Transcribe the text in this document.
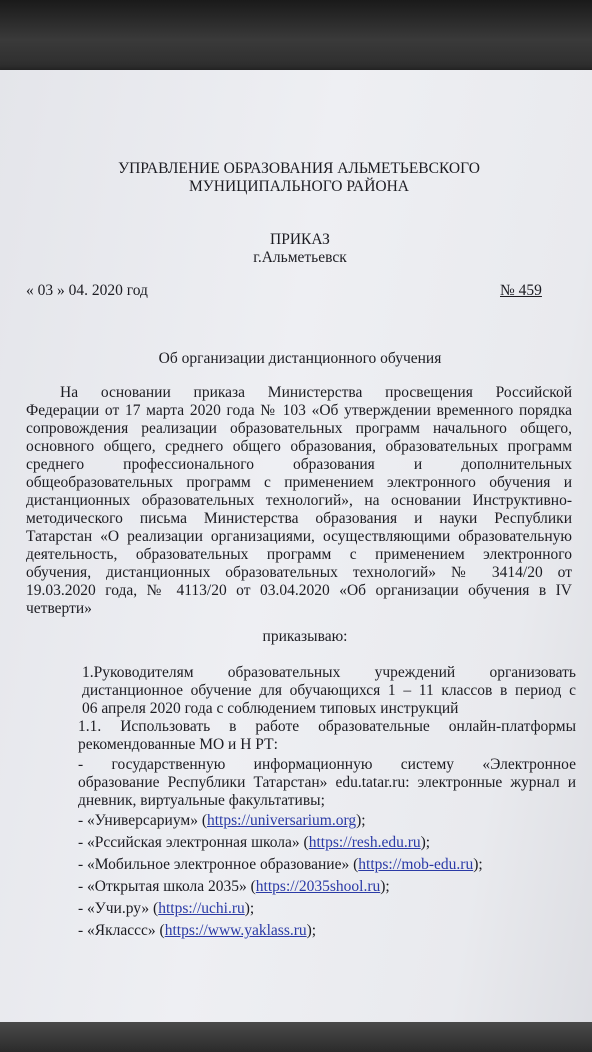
УПРАВЛЕНИЕ ОБРАЗОВАНИЯ АЛЬМЕТЬЕВСКОГО
МУНИЦИПАЛЬНОГО РАЙОНА
ПРИКАЗ
г.Альметьевск
« 03 » 04. 2020 год	№ 459
Об организации дистанционного обучения
На основании приказа Министерства просвещения Российской
Федерации от 17 марта 2020 года № 103 «Об утверждении временного порядка
сопровождения реализации образовательных программ начального общего,
основного общего, среднего общего образования, образовательных программ
среднего профессионального образования и дополнительных
общеобразовательных программ с применением электронного обучения и
дистанционных образовательных технологий», на основании Инструктивно-
методического письма Министерства образования и науки Республики
Татарстан «О реализации организациями, осуществляющими образовательную
деятельность, образовательных программ с применением электронного
обучения, дистанционных образовательных технологий» № 3414/20 от
19.03.2020 года, № 4113/20 от 03.04.2020 «Об организации обучения в IV
четверти»
приказываю:
1.Руководителям образовательных учреждений организовать
дистанционное обучение для обучающихся 1 – 11 классов в период с
06 апреля 2020 года с соблюдением типовых инструкций
1.1. Использовать в работе образовательные онлайн-платформы
рекомендованные МО и Н РТ:
- государственную информационную систему «Электронное
образование Республики Татарстан» edu.tatar.ru: электронные журнал и
дневник, виртуальные факультативы;
- «Универсариум» (https://universarium.org);
- «Рссийская электронная школа» (https://resh.edu.ru);
- «Мобильное электронное образование» (https://mob-edu.ru);
- «Открытая школа 2035» (https://2035shool.ru);
- «Учи.ру» (https://uchi.ru);
- «Яклассс» (https://www.yaklass.ru);
